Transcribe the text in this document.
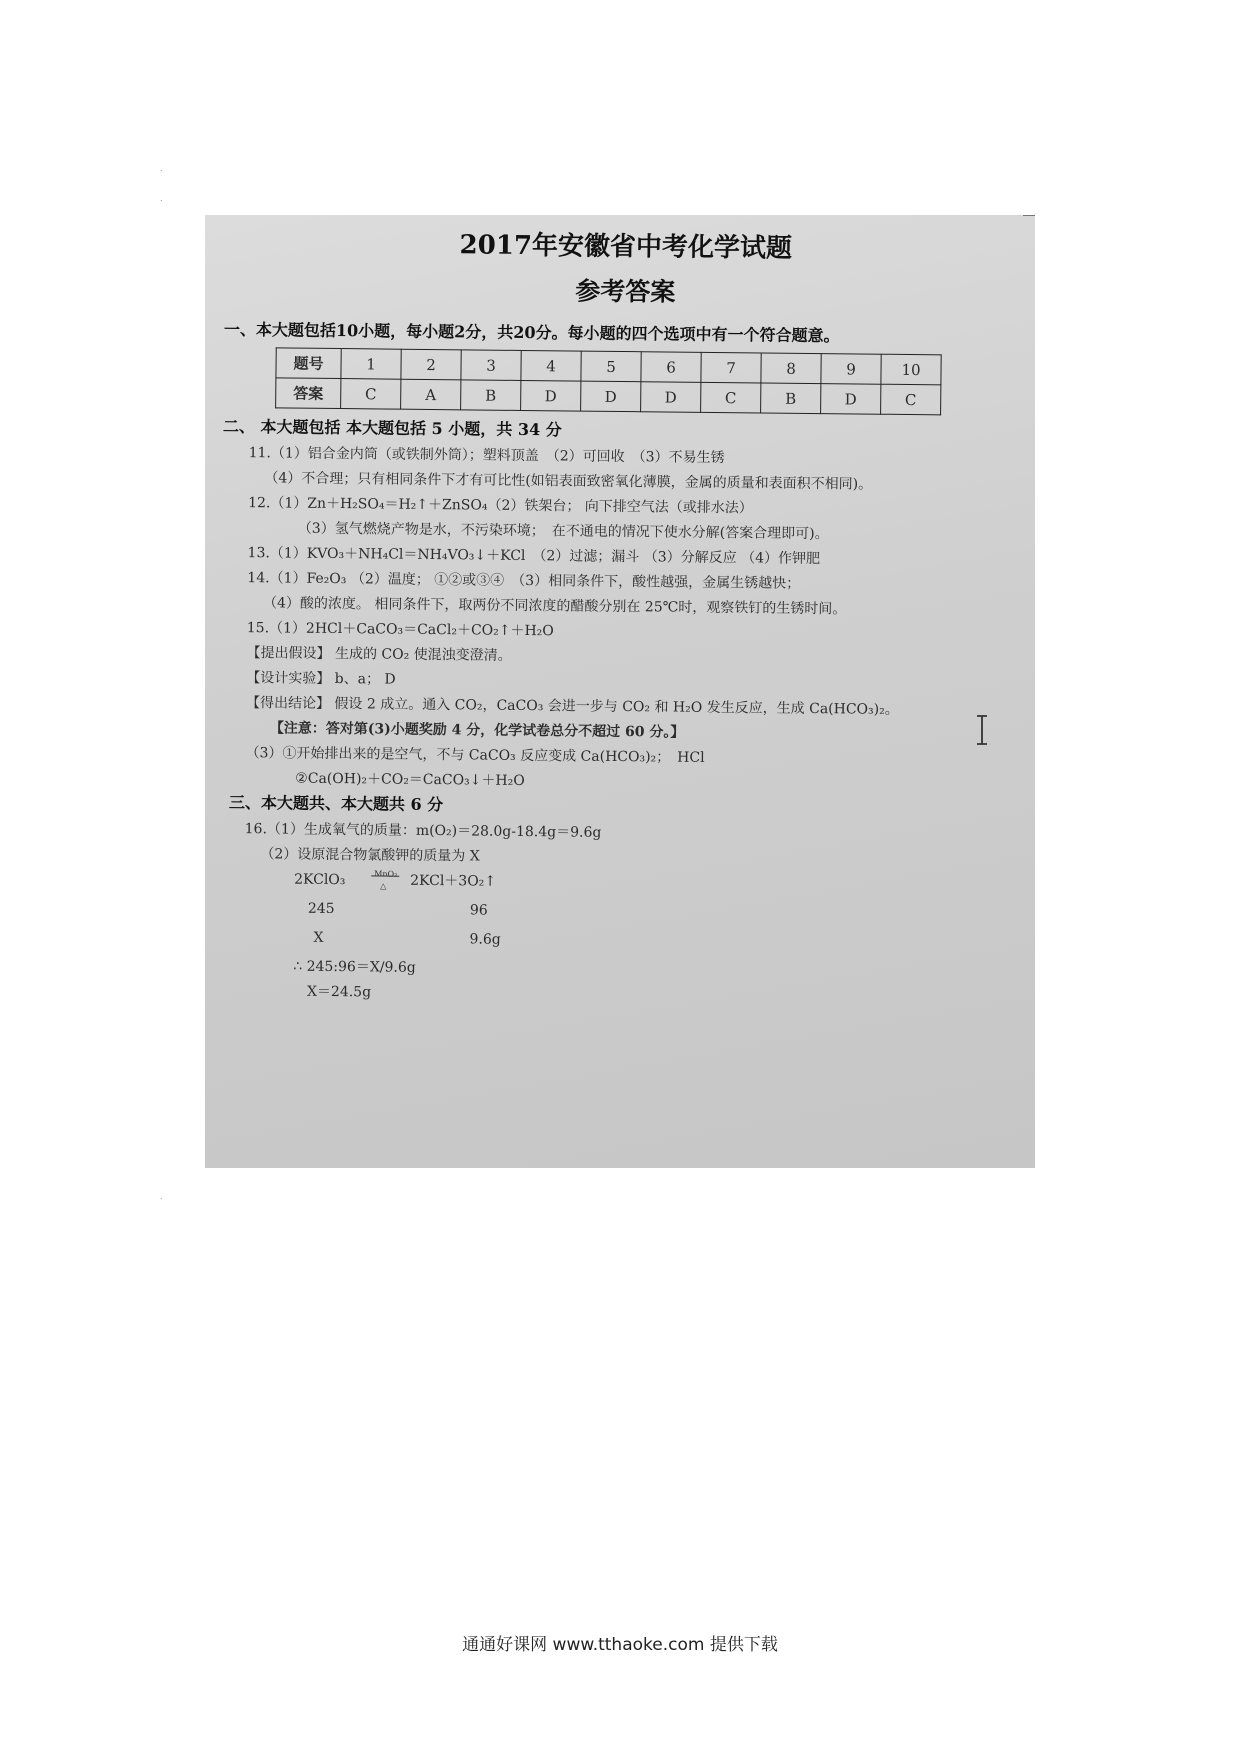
.
.
.
2017年安徽省中考化学试题
参考答案
一、本大题包括10小题，每小题2分，共20分。每小题的四个选项中有一个符合题意。
题号	1	2	3	4	5	6	7	8	9	10
答案	C	A	B	D	D	D	C	B	D	C
二、 本大题包括 本大题包括 5 小题，共 34 分
11.（1）铝合金内筒（或铁制外筒）；塑料顶盖　（2）可回收　（3）不易生锈
（4）不合理；只有相同条件下才有可比性(如铝表面致密氧化薄膜，金属的质量和表面积不相同)。
12.（1）Zn＋H₂SO₄＝H₂↑＋ZnSO₄（2）铁架台； 向下排空气法（或排水法）
（3）氢气燃烧产物是水，不污染环境；　在不通电的情况下使水分解(答案合理即可)。
13.（1）KVO₃＋NH₄Cl＝NH₄VO₃↓＋KCl　（2）过滤；漏斗 （3）分解反应 （4）作钾肥
14.（1）Fe₂O₃ （2）温度； ①②或③④　（3）相同条件下，酸性越强，金属生锈越快；
（4）酸的浓度。 相同条件下，取两份不同浓度的醋酸分别在 25℃时，观察铁钉的生锈时间。
15.（1）2HCl＋CaCO₃＝CaCl₂＋CO₂↑＋H₂O
【提出假设】 生成的 CO₂ 使混浊变澄清。
【设计实验】 b、a； D
【得出结论】 假设 2 成立。通入 CO₂，CaCO₃ 会进一步与 CO₂ 和 H₂O 发生反应，生成 Ca(HCO₃)₂。
【注意：答对第(3)小题奖励 4 分，化学试卷总分不超过 60 分。】
（3）①开始排出来的是空气，不与 CaCO₃ 反应变成 Ca(HCO₃)₂；　HCl
②Ca(OH)₂＋CO₂＝CaCO₃↓＋H₂O
三、本大题共、本大题共 6 分
16.（1）生成氧气的质量：m(O₂)＝28.0g-18.4g＝9.6g
（2）设原混合物氯酸钾的质量为 X
2KClO₃	MnO₂
△ 2KCl＋3O₂↑
245	96
X	9.6g
∴ 245:96＝X/9.6g
X＝24.5g
通通好课网 www.tthaoke.com 提供下载
